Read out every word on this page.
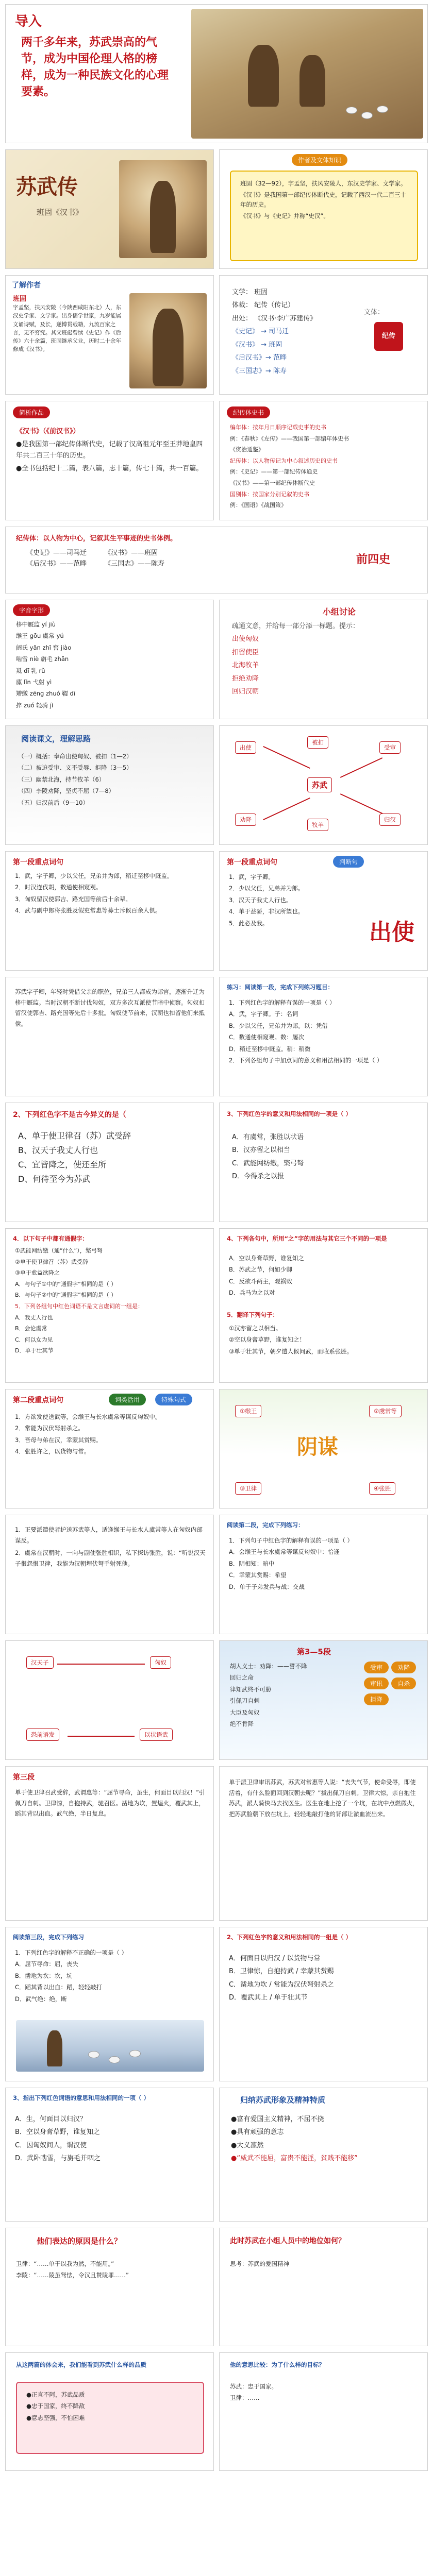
导入
两千多年来，苏武崇高的气节，成为中国伦理人格的榜样，成为一种民族文化的心理要素。
苏武传
班固《汉书》
作者及文体知识
班固（32—92），字孟坚，扶风安陵人，东汉史学家、文学家。
《汉书》是我国第一部纪传体断代史，记载了西汉一代二百三十年的历史。
《汉书》与《史记》并称“史汉”。
了解作者
班固
字孟坚，扶风安陵（今陕西咸阳东北）人，东汉史学家、文学家。出身儒学世家，九岁能属文诵诗赋，及长，遂博贯载籍，九流百家之言，无不穷究。其父班彪曾续《史记》作《后传》六十余篇，班固继承父业，历时二十余年修成《汉书》。
文学： 班固
体裁： 纪传（传记）
出处： 《汉书·李广苏建传》
《史记》 → 司马迁
《汉书》 → 班固
《后汉书》→ 范晔
《三国志》→ 陈寿
文体：
纪传
简析作品
《汉书》（《前汉书》）
●是我国第一部纪传体断代史，记载了汉高祖元年至王莽地皇四年共二百三十年的历史。
●全书包括纪十二篇，表八篇，志十篇，传七十篇，共一百篇。
纪传体史书
编年体：按年月日顺序记载史事的史书
例：《春秋》《左传》——我国第一部编年体史书
《资治通鉴》
纪传体：以人物传记为中心叙述历史的史书
例：《史记》——第一部纪传体通史
《汉书》——第一部纪传体断代史
国别体：按国家分别记叙的史书
例：《国语》《战国策》
纪传体：以人物为中心，记叙其生平事迹的史书体例。
《史记》——司马迁	《汉书》——班固
《后汉书》——范晔	《三国志》——陈寿	前四史
字音字形
栘中厩监 yí jiù
缑王 gōu 虞常 yú
阏氏 yān zhī 窖 jiào
啮雪 niè 旃毛 zhān
羝 dī 乳 rǔ
廪 lǐn 弋射 yì
矰缴 zēng zhuó 鞮 dī
捽 zuó 轻骑 jì
小组讨论
疏通文意，并给每一部分添一标题。提示：
出使匈奴
扣留使臣
北海牧羊
拒绝劝降
回归汉朝
阅读课文，理解思路
（一）概括：奉命出使匈奴、被扣（1—2）
（二）被迫受审、义不受辱、拒降（3—5）
（三）幽禁北海，持节牧羊（6）
（四）李陵劝降，坚贞不屈（7—8）
（五）归汉前后（9—10）
苏武
出使
被扣
受审
劝降
牧羊
归汉
第一段重点词句
1．武，字子卿，少以父任，兄弟并为郎，稍迁至栘中厩监。
2．时汉连伐胡，数通使相窥观。
3．匈奴留汉使郭吉、路充国等前后十余辈。
4．武与副中郎将张胜及假吏常惠等募士斥候百余人俱。
第一段重点词句	判断句
1．武，字子卿。
2．少以父任，兄弟并为郎。
3．汉天子我丈人行也。
4．单于益骄，非汉所望也。
5．此必及我。	出使
苏武字子卿，年轻时凭借父亲的职位，兄弟三人都成为郎官，逐渐升迁为栘中厩监。当时汉朝不断讨伐匈奴，双方多次互派使节暗中侦察。匈奴扣留汉使郭吉、路充国等先后十多批。匈奴使节前来，汉朝也扣留他们来抵偿。
练习：阅读第一段，完成下列练习题目：
1．下列红色字的解释有误的一项是（ ）
A．武，字子卿。子：名词
B．少以父任，兄弟并为郎。以：凭借
C．数通使相窥观。数：屡次
D．稍迁至栘中厩监。稍：稍微
2．下列各组句子中加点词的意义和用法相同的一项是（ ）
2、下列红色字不是古今异义的是（
A、单于使卫律召（苏）武受辞
B、汉天子我丈人行也
C、宜皆降之，使还至所
D、何待至今为苏武
3、下列红色字的意义和用法相同的一项是（ ）
A．有虞常，张胜以状语
B．汉亦留之以相当
C．武能网纺缴，檠弓弩
D．今得杀之以报
4．以下句子中都有通假字：
①武能网纺缴（通“什么”），檠弓弩
②单于使卫律召（苏）武受辞
③单于愈益欲降之
A．与句子①中的“通假字”相同的是（ ）
B．与句子②中的“通假字”相同的是（ ）
5．下列各组句中红色词语不是文言虚词的一组是：
A．我丈人行也
B．会论虞常
C．何以女为见
D．单于壮其节
4、下列各句中，所用“之”字的用法与其它三个不同的一项是
A．空以身膏草野，谁复知之
B．苏武之节，何如少卿
C．反欲斗两主，观祸败
D．兵马为之以对
5．翻译下列句子：
①汉亦留之以相当。
②空以身膏草野，谁复知之！
③单于壮其节，朝夕遣人候问武，而收系张胜。
第二段重点词句	词类活用	特殊句式
1．方欲发使送武等，会缑王与长水虞常等谋反匈奴中。
2．常能为汉伏弩射杀之。
3．吾母与弟在汉，幸蒙其赏赐。
4．张胜许之，以货物与常。	阴谋
①缑王	②虞常等
③卫律	④张胜
1．正要派遣使者护送苏武等人，适逢缑王与长水人虞常等人在匈奴内部谋反。
2．虞常在汉朝时，一向与副使张胜相识，私下探访张胜，说：“听说汉天子很怨恨卫律，我能为汉朝埋伏弩手射死他。
阅读第二段，完成下列练习：
1．下列句子中红色字的解释有误的一项是（ ）
A．会缑王与长水虞常等谋反匈奴中：恰逢
B．阴相知：暗中
C．幸蒙其赏赐：希望
D．单于子弟发兵与战：交战
汉天子	匈奴
恐前语发	以状语武
第3—5段
胡人义士：劝降：——誓不降
回归之命
律知武终不可胁
引佩刀自刺
大臣及匈奴
绝不肯降
受审 劝降 审讯 自杀 拒降
第三段
单于使卫律召武受辞，武谓惠等：“屈节辱命，虽生，何面目以归汉！”引佩刀自刺。卫律惊，自抱持武，驰召医。凿地为坎，置煴火，覆武其上，蹈其背以出血。武气绝，半日复息。
单于派卫律审讯苏武，苏武对常惠等人说：“丧失气节，使命受辱，即使活着，有什么脸面回到汉朝去呢？”拔出佩刀自刺。卫律大惊，亲自抱住苏武，派人骑快马去找医生。医生在地上挖了一个坑，在坑中点燃微火，把苏武脸朝下放在坑上，轻轻地敲打他的背部让淤血流出来。
阅读第三段，完成下列练习
1．下列红色字的解释不正确的一项是（ ）
A．屈节辱命：屈，丧失
B．凿地为坎：坎，坑
C．蹈其背以出血：蹈，轻轻敲打
D．武气绝：绝，断
2、下列红色字的意义和用法相同的一组是（ ）
A．何面目以归汉 / 以货物与常
B．卫律惊，自抱持武 / 幸蒙其赏赐
C．凿地为坎 / 常能为汉伏弩射杀之
D．覆武其上 / 单于壮其节
3、指出下列红色词语的意思和用法相同的一项（ ）
A．生，何面目以归汉？
B．空以身膏草野，谁复知之
C．因匈奴间人，谓汉使
D．武卧啮雪，与旃毛并咽之
归纳苏武形象及精神特质
●富有爱国主义精神，不屈不挠
●具有顽强的意志
●大义凛然
●“威武不能屈，富贵不能淫，贫贱不能移”
他们表达的原因是什么？
卫律：“……单于以我为然，不能用。”
李陵：“……陵虽驽怯，令汉且贳陵罪……”
此时苏武在小组人员中的地位如何？
思考：苏武的爱国精神
从这两篇的体会来，我们能看到苏武什么样的品质
●正直不阿，苏武品质
●忠于国家，终不降敌
●意志坚强，不怕困难
他的意思比较：为了什么样的目标？
苏武：忠于国家。
卫律：……
